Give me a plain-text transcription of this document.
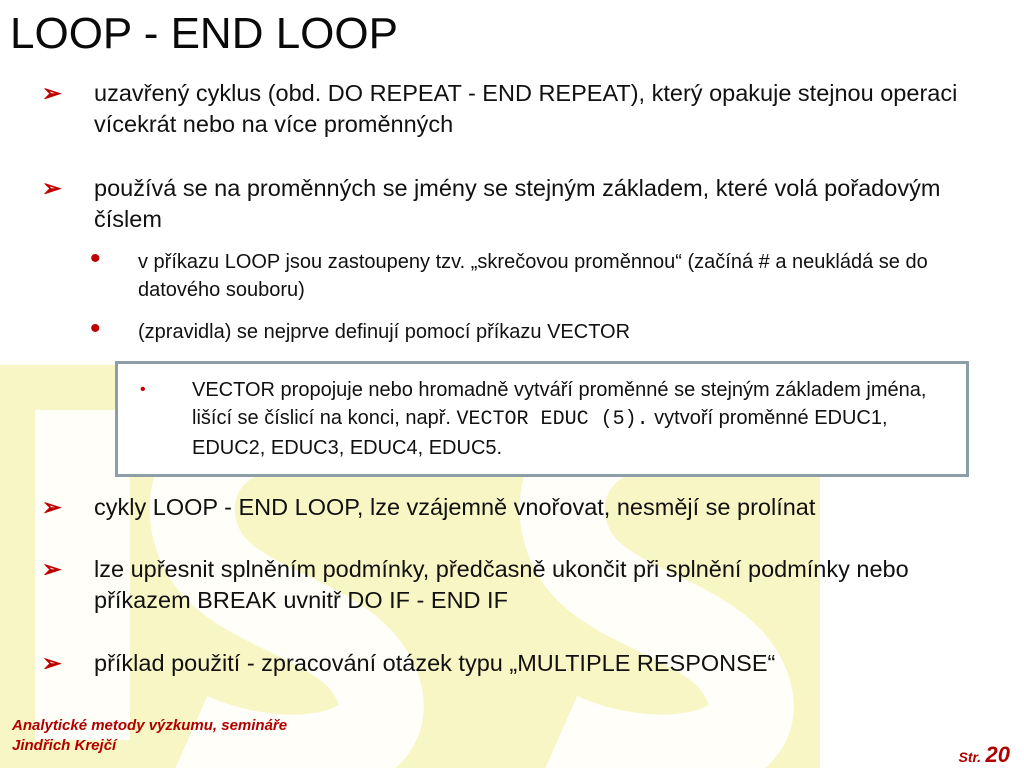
LOOP - END LOOP
➢ uzavřený cyklus (obd. DO REPEAT - END REPEAT), který opakuje stejnou operaci vícekrát nebo na více proměnných
➢ používá se na proměnných se jmény se stejným základem, které volá pořadovým číslem
• v příkazu LOOP jsou zastoupeny tzv. „skrečovou proměnnou“ (začíná # a neukládá se do datového souboru)
• (zpravidla) se nejprve definují pomocí příkazu VECTOR
• VECTOR propojuje nebo hromadně vytváří proměnné se stejným základem jména, lišící se číslicí na konci, např. VECTOR EDUC (5). vytvoří proměnné EDUC1, EDUC2, EDUC3, EDUC4, EDUC5.
➢ cykly LOOP - END LOOP, lze vzájemně vnořovat, nesmějí se prolínat
➢ lze upřesnit splněním podmínky, předčasně ukončit při splnění podmínky nebo příkazem BREAK uvnitř DO IF - END IF
➢ příklad použití - zpracování otázek typu „MULTIPLE RESPONSE“
Analytické metody výzkumu, semináře
Jindřich Krejčí
Str. 20
